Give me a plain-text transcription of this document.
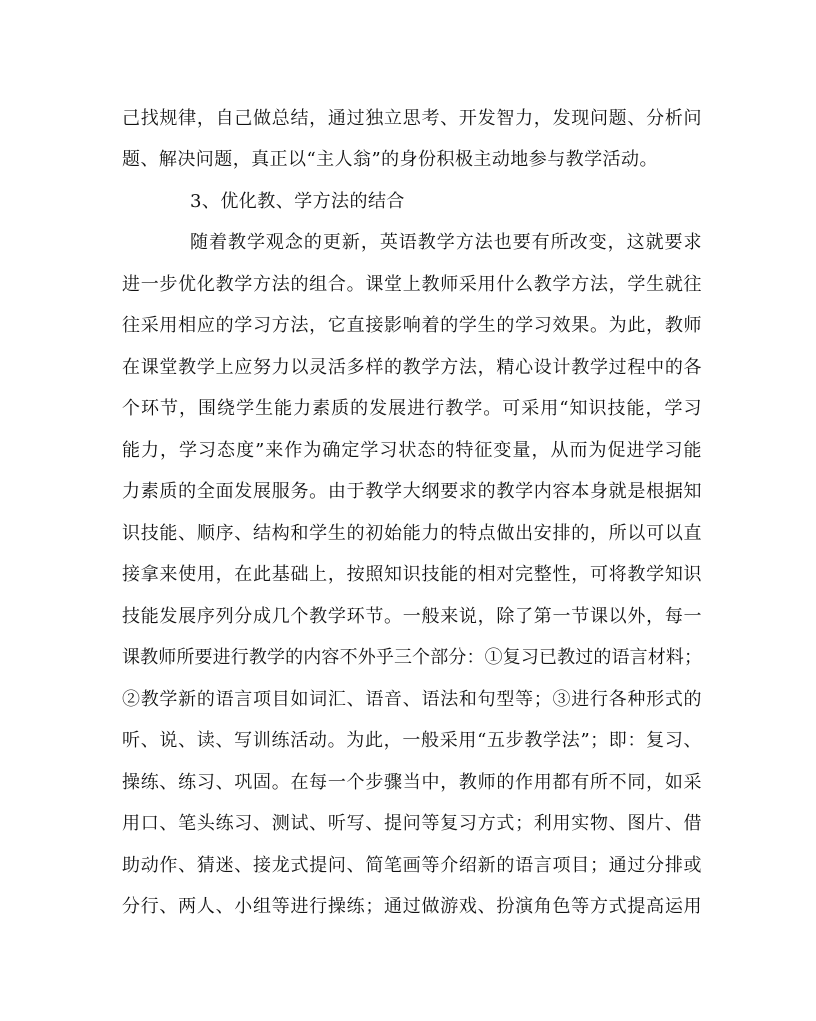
己找规律，自己做总结，通过独立思考、开发智力，发现问题、分析问
题、解决问题，真正以“主人翁”的身份积极主动地参与教学活动。
3、优化教、学方法的结合
随着教学观念的更新，英语教学方法也要有所改变，这就要求
进一步优化教学方法的组合。课堂上教师采用什么教学方法，学生就往
往采用相应的学习方法，它直接影响着的学生的学习效果。为此，教师
在课堂教学上应努力以灵活多样的教学方法，精心设计教学过程中的各
个环节，围绕学生能力素质的发展进行教学。可采用“知识技能，学习
能力，学习态度”来作为确定学习状态的特征变量，从而为促进学习能
力素质的全面发展服务。由于教学大纲要求的教学内容本身就是根据知
识技能、顺序、结构和学生的初始能力的特点做出安排的，所以可以直
接拿来使用，在此基础上，按照知识技能的相对完整性，可将教学知识
技能发展序列分成几个教学环节。一般来说，除了第一节课以外，每一
课教师所要进行教学的内容不外乎三个部分：①复习已教过的语言材料；
②教学新的语言项目如词汇、语音、语法和句型等；③进行各种形式的
听、说、读、写训练活动。为此，一般采用“五步教学法”；即：复习、
操练、练习、巩固。在每一个步骤当中，教师的作用都有所不同，如采
用口、笔头练习、测试、听写、提问等复习方式；利用实物、图片、借
助动作、猜迷、接龙式提问、简笔画等介绍新的语言项目；通过分排或
分行、两人、小组等进行操练；通过做游戏、扮演角色等方式提高运用
